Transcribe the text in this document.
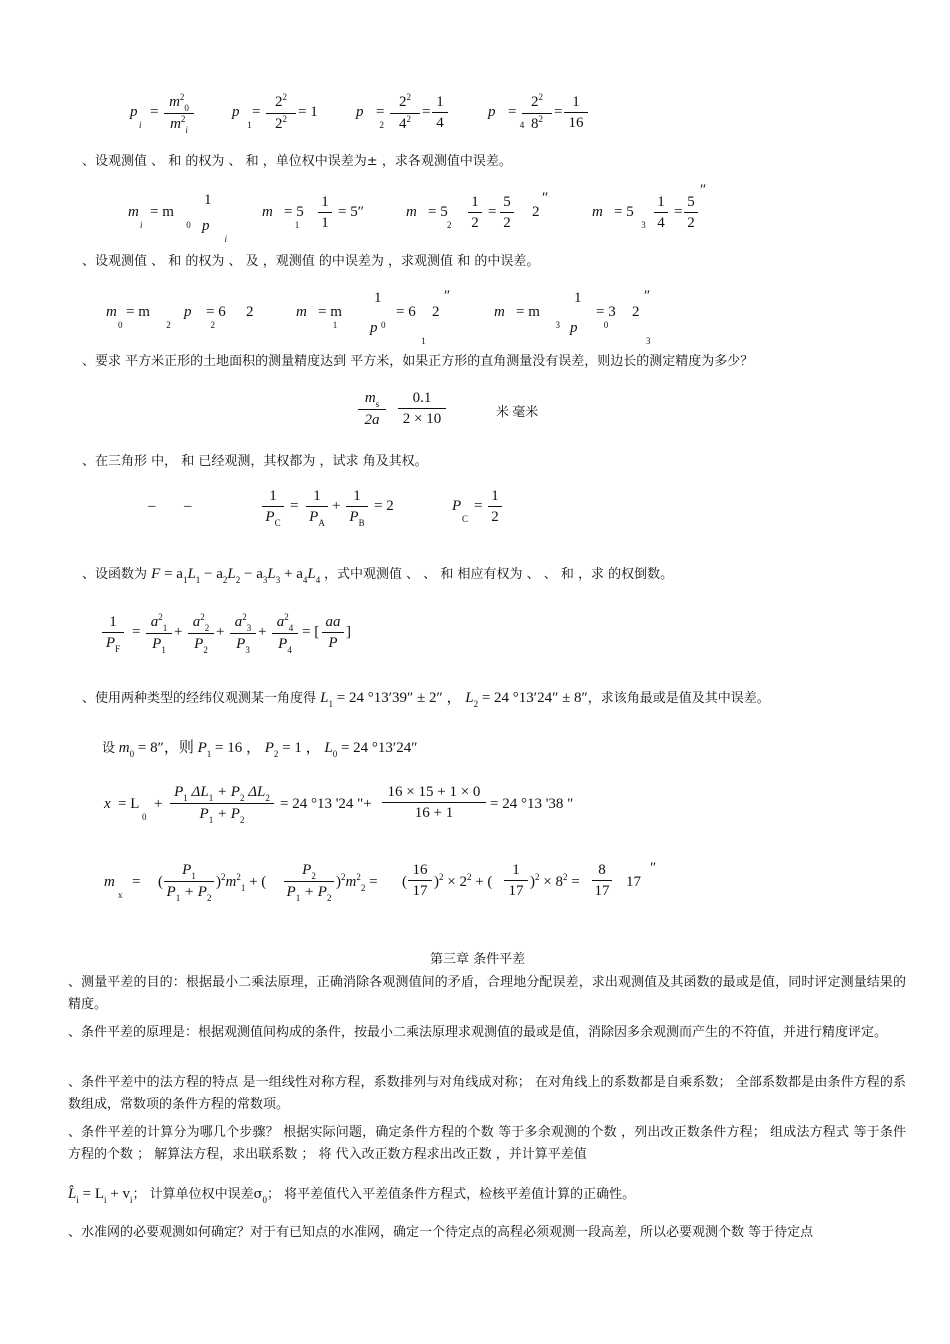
p
$_i$
= $\frac{m^2_0}{m^2_i}$	p
$_1$
= $\frac{2^2}{2^2} = 1$	p
$_2$
= $\frac{2^2}{4^2} = \frac{1}{4}$	p
$_4$
= $\frac{2^2}{8^2} = \frac{1}{16}$
、设观测值 、 和 的权为 、 和 ，单位权中误差为± ，求各观测值中误差。
m
$_i$
= m
$_0$
1
p
$_i$
m
$_1$
= $5 \frac{1}{1} = 5''$	m
$_2$
= $5 \frac{1}{2} = \frac{5}{2} 2$
″
m
$_3$
= $5 \frac{1}{4} = \frac{5}{2}$
″
、设观测值 、 和 的权为 、 及 ，观测值 的中误差为 ，求观测值 和 的中误差。
m
$_0$
= m
$_2$
p
$_2$
= 6 2	m
$_1$
= m
$_0$
1
p
$_1$
= 6 2
″
m
$_3$
= m
$_0$
1
p
$_3$
= 3 2
″
、要求 平方米正形的土地面积的测量精度达到 平方米，如果正方形的直角测量没有误差，则边长的测定精度为多少？
$\frac{m_s}{2a} \frac{0.1}{2 \times 10}$	米 毫米
、在三角形 中， 和 已经观测，其权都为 ，试求 角及其权。
– –	$\frac{1}{P_C} = \frac{1}{P_A} + \frac{1}{P_B} = 2$	P
$_C$
= $\frac{1}{2}$
、设函数为 $F = a_1L_1 - a_2L_2 - a_3L_3 + a_4L_4$ ，式中观测值 、 、 和 相应有权为 、 、 和 ，求 的权倒数。
$\frac{1}{P_F} = \frac{a^2_1}{P_1} + \frac{a^2_2}{P_2} + \frac{a^2_3}{P_3} + \frac{a^2_4}{P_4}$ = [ $\frac{aa}{P}$ ]
、使用两种类型的经纬仪观测某一角度得 $L_1 = 24$ °13′39″ ± 2″ ， $L_2 = 24$ °13′24″ ± 8″，求该角最或是值及其中误差。
设 $m_0 = 8''$，则 $P_1 = 16$ ， $P_2 = 1$ ， $L_0 = 24$ °13′24″
x = L
$_0$
+ $\frac{P_1 \Delta L_1 + P_2 \Delta L_2}{P_1 + P_2} = 24$ °13 '24 "+ $\frac{16 \times 15 + 1 \times 0}{16 + 1} = 24$ °13 '38 "
m
$_x$
= ( $\frac{P_1}{P_1 + P_2} )^2m^2_1$ + ( $\frac{P_2}{P_1 + P_2} )^2m^2_2$ = ( $\frac{16}{17} )^2 \times 2^2$ + ( $\frac{1}{17} )^2 \times 8^2 = \frac{8}{17} 17$
″
第三章 条件平差
、测量平差的目的：根据最小二乘法原理，正确消除各观测值间的矛盾，合理地分配误差，求出观测值及其函数的最或是值，同时评定测量结果的精度。
、条件平差的原理是：根据观测值间构成的条件，按最小二乘法原理求观测值的最或是值，消除因多余观测而产生的不符值，并进行精度评定。
、条件平差中的法方程的特点 是一组线性对称方程，系数排列与对角线成对称； 在对角线上的系数都是自乘系数； 全部系数都是由条件方程的系数组成，常数项的条件方程的常数项。
、条件平差的计算分为哪几个步骤？ 根据实际问题，确定条件方程的个数 等于多余观测的个数 ，列出改正数条件方程； 组成法方程式 等于条件方程的个数 ； 解算法方程，求出联系数 ； 将 代入改正数方程求出改正数 ，并计算平差值
$L̂_i = L_i + v_i$； 计算单位权中误差$\sigma_0$； 将平差值代入平差值条件方程式，检核平差值计算的正确性。
、水准网的必要观测如何确定？对于有已知点的水准网，确定一个待定点的高程必须观测一段高差，所以必要观测个数 等于待定点
